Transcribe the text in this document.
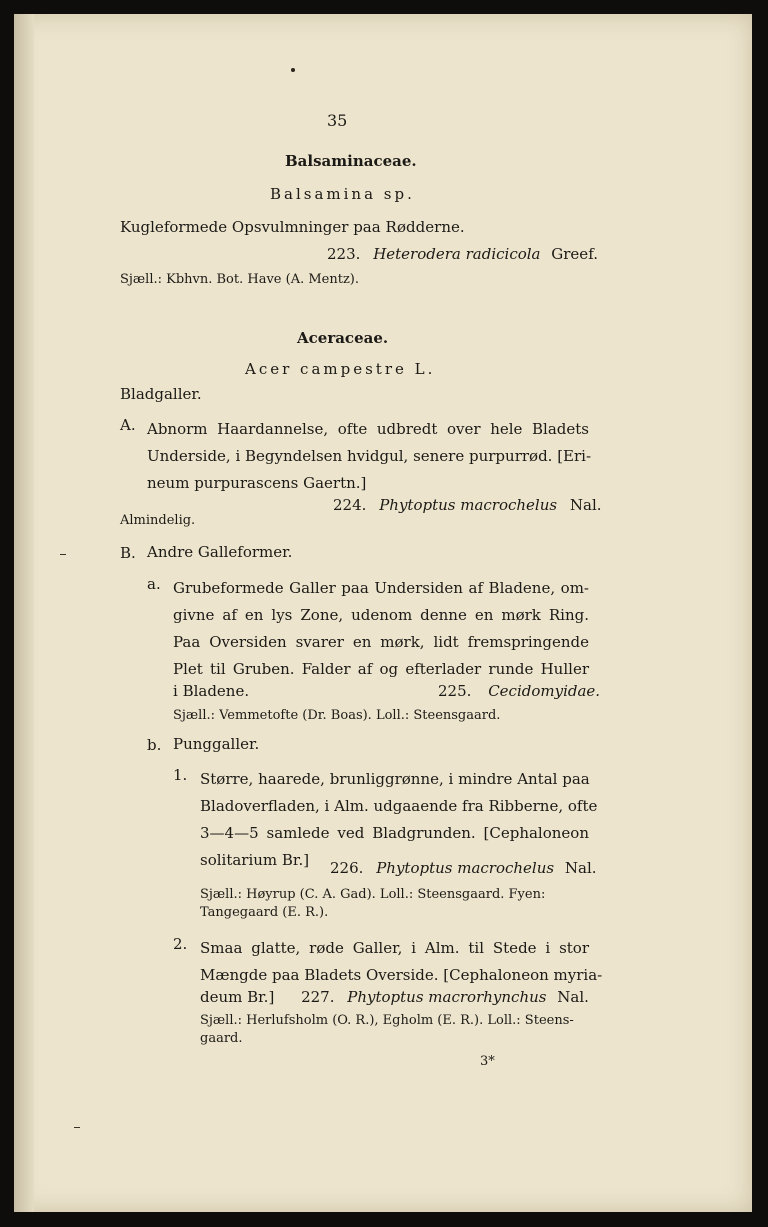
35
Balsaminaceae.
Balsamina sp.
Kugleformede Opsvulmninger paa Rødderne.
223. Heterodera radicicola Greef.
Sjæll.: Kbhvn. Bot. Have (A. Mentz).
Aceraceae.
Acer campestre L.
Bladgaller.
A. Abnorm Haardannelse, ofte udbredt over hele Bladets
Underside, i Begyndelsen hvidgul, senere purpurrød. [Eri-
neum purpurascens Gaertn.]
224. Phytoptus macrochelus Nal.
Almindelig.
B. Andre Galleformer.
a. Grubeformede Galler paa Undersiden af Bladene, om-
givne af en lys Zone, udenom denne en mørk Ring.
Paa Oversiden svarer en mørk, lidt fremspringende
Plet til Gruben. Falder af og efterlader runde Huller
i Bladene.	225. Cecidomyidae.
Sjæll.: Vemmetofte (Dr. Boas). Loll.: Steensgaard.
b. Punggaller.
1. Større, haarede, brunliggrønne, i mindre Antal paa
Bladoverfladen, i Alm. udgaaende fra Ribberne, ofte
3—4—5 samlede ved Bladgrunden. [Cephaloneon
solitarium Br.]	226. Phytoptus macrochelus Nal.
Sjæll.: Høyrup (C. A. Gad). Loll.: Steensgaard. Fyen:
Tangegaard (E. R.).
2. Smaa glatte, røde Galler, i Alm. til Stede i stor
Mængde paa Bladets Overside. [Cephaloneon myria-
deum Br.] 227. Phytoptus macrorhynchus Nal.
Sjæll.: Herlufsholm (O. R.), Egholm (E. R.). Loll.: Steens-
gaard.
3*
